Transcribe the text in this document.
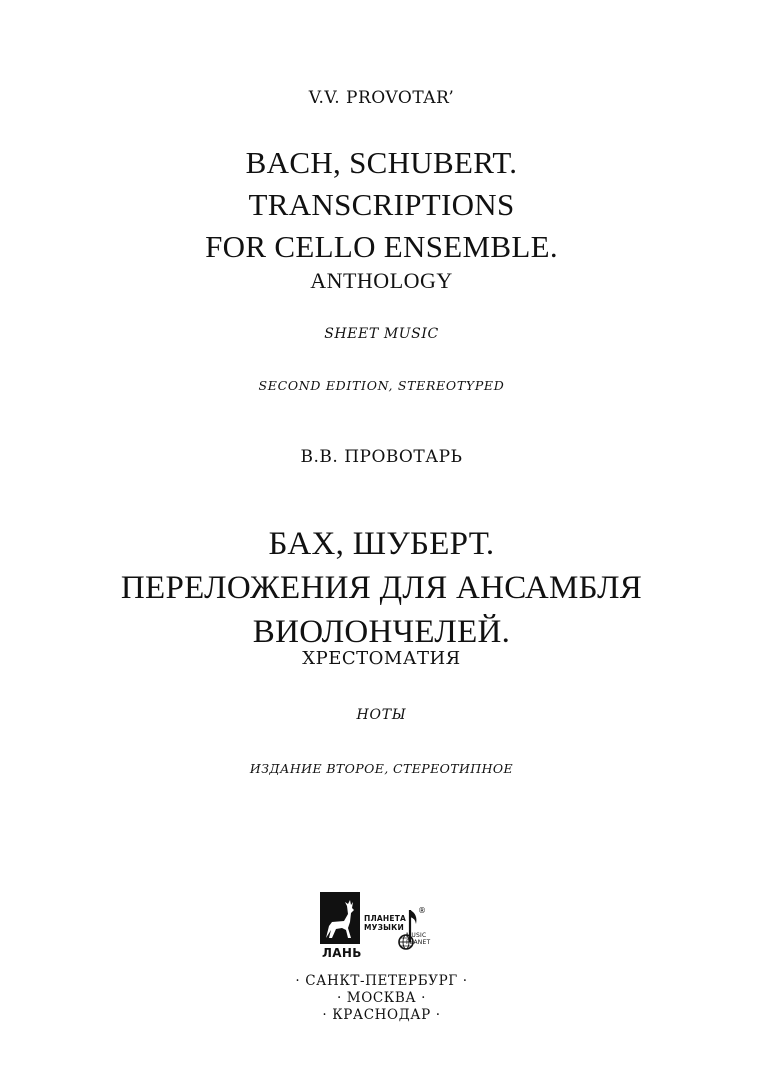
V.V. PROVOTAR’
BACH, SCHUBERT.
TRANSCRIPTIONS
FOR CELLO ENSEMBLE.
ANTHOLOGY
SHEET MUSIC
SECOND EDITION, STEREOTYPED
В.В. ПРОВОТАРЬ
БАХ, ШУБЕРТ.
ПЕРЕЛОЖЕНИЯ ДЛЯ АНСАМБЛЯ
ВИОЛОНЧЕЛЕЙ.
ХРЕСТОМАТИЯ
НОТЫ
ИЗДАНИЕ ВТОРОЕ, СТЕРЕОТИПНОЕ
ЛАНЬ
ПЛАНЕТА
МУЗЫКИ
®
MUSIC
PLANET
· САНКТ-ПЕТЕРБУРГ ·
· МОСКВА ·
· КРАСНОДАР ·
